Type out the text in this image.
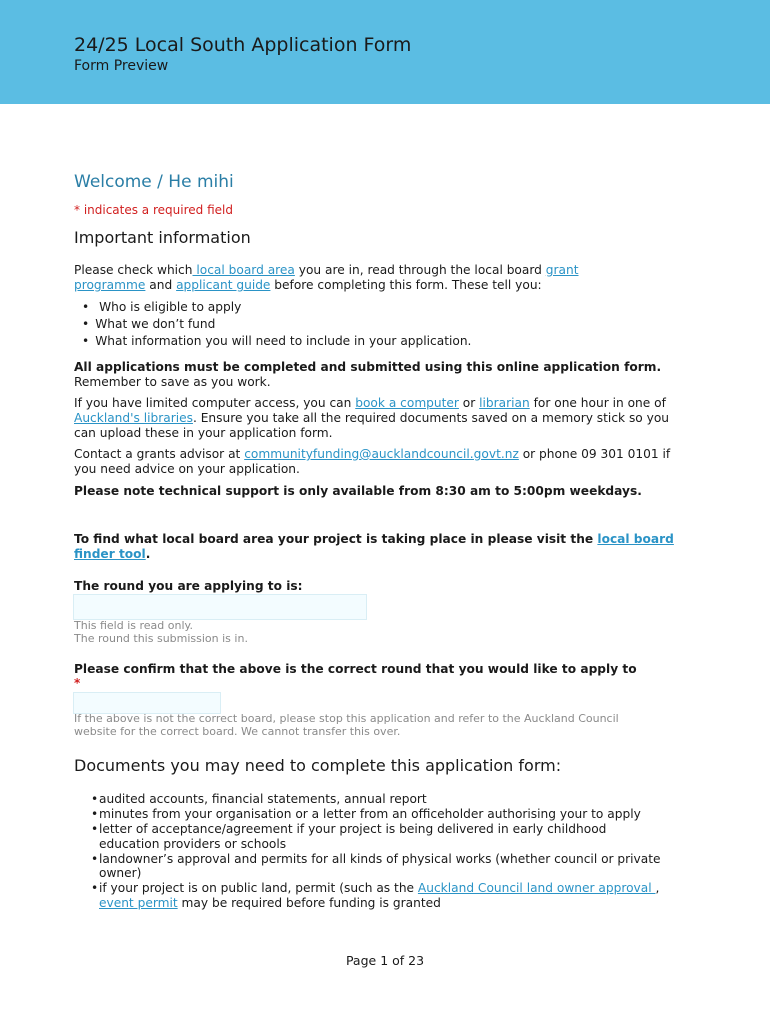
24/25 Local South Application Form
Form Preview
Welcome / He mihi
* indicates a required field
Important information
Please check which local board area you are in, read through the local board grant
programme and applicant guide before completing this form. These tell you:
• Who is eligible to apply
• What we don’t fund
• What information you will need to include in your application.
All applications must be completed and submitted using this online application form. Remember to save as you work.
If you have limited computer access, you can book a computer or librarian for one hour in one of Auckland's libraries. Ensure you take all the required documents saved on a memory stick so you can upload these in your application form.
Contact a grants advisor at communityfunding@aucklandcouncil.govt.nz or phone 09 301 0101 if you need advice on your application.
Please note technical support is only available from 8:30 am to 5:00pm weekdays.
To find what local board area your project is taking place in please visit the local board finder tool.
The round you are applying to is:
This field is read only.
The round this submission is in.
Please confirm that the above is the correct round that you would like to apply to
*
If the above is not the correct board, please stop this application and refer to the Auckland Council website for the correct board. We cannot transfer this over.
Documents you may need to complete this application form:
• audited accounts, financial statements, annual report
• minutes from your organisation or a letter from an officeholder authorising your to apply
• letter of acceptance/agreement if your project is being delivered in early childhood education providers or schools
• landowner’s approval and permits for all kinds of physical works (whether council or private owner)
• if your project is on public land, permit (such as the Auckland Council land owner approval , event permit may be required before funding is granted
Page 1 of 23
